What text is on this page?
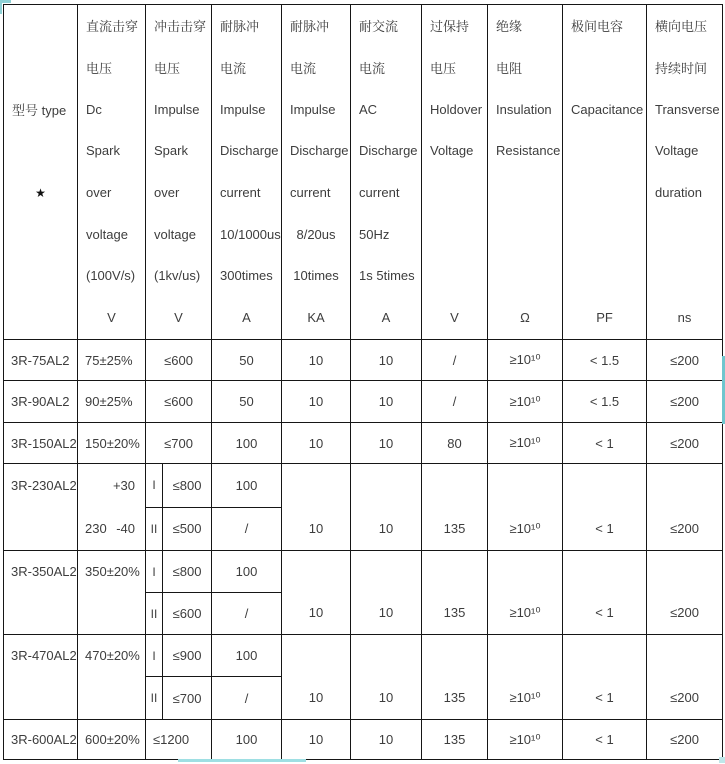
型号 type
★

直流击穿
电压
Dc
Spark
over
voltage
(100V/s)
V

冲击击穿
电压
Impulse
Spark
over
voltage
(1kv/us)
V

耐脉冲
电流
Impulse
Discharge
current
10/1000us
300times
A

耐脉冲
电流
Impulse
Discharge
current
8/20us
10times
KA

耐交流
电流
AC
Discharge
current
50Hz
1s 5times
A

过保持
电压
Holdover
Voltage
V

绝缘
电阻
Insulation
Resistance
Ω

极间电容
Capacitance
PF

横向电压
持续时间
Transverse
Voltage
duration
ns

3R-75AL2	75±25%	≤600		50	10	10	/	≥10¹⁰	< 1.5	≤200
3R-90AL2	90±25%	≤600		50	10	10	/	≥10¹⁰	< 1.5	≤200
3R-150AL2	150±20%	≤700		100	10	10	80	≥10¹⁰	< 1	≤200
3R-230AL2	+30
230 -40	I	≤800	100	10	10	135	≥10¹⁰	< 1	≤200
		II	≤500	/						
3R-350AL2	350±20%	I	≤800	100	10	10	135	≥10¹⁰	< 1	≤200
		II	≤600	/						
3R-470AL2	470±20%	I	≤900	100	10	10	135	≥10¹⁰	< 1	≤200
		II	≤700	/						
3R-600AL2	600±20%	≤1200		100	10	10	135	≥10¹⁰	< 1	≤200
